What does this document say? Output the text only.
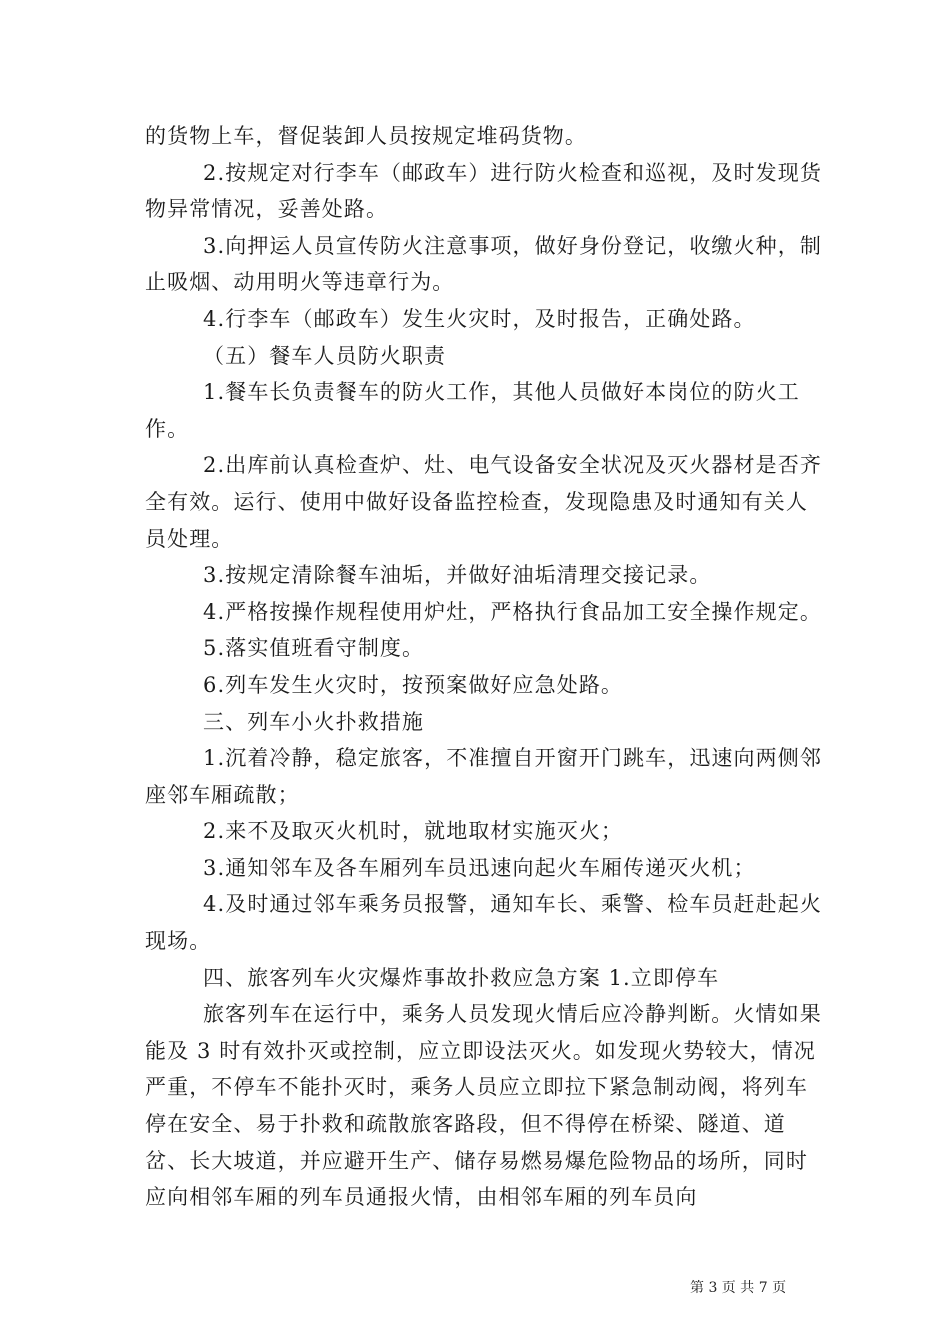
的货物上车，督促装卸人员按规定堆码货物。

2.按规定对行李车（邮政车）进行防火检查和巡视，及时发现货物异常情况，妥善处路。

3.向押运人员宣传防火注意事项，做好身份登记，收缴火种，制止吸烟、动用明火等违章行为。

4.行李车（邮政车）发生火灾时，及时报告，正确处路。

（五）餐车人员防火职责

1.餐车长负责餐车的防火工作，其他人员做好本岗位的防火工作。

2.出库前认真检查炉、灶、电气设备安全状况及灭火器材是否齐全有效。运行、使用中做好设备监控检查，发现隐患及时通知有关人员处理。

3.按规定清除餐车油垢，并做好油垢清理交接记录。

4.严格按操作规程使用炉灶，严格执行食品加工安全操作规定。

5.落实值班看守制度。

6.列车发生火灾时，按预案做好应急处路。

三、列车小火扑救措施

1.沉着冷静，稳定旅客，不准擅自开窗开门跳车，迅速向两侧邻座邻车厢疏散；

2.来不及取灭火机时，就地取材实施灭火；

3.通知邻车及各车厢列车员迅速向起火车厢传递灭火机；

4.及时通过邻车乘务员报警，通知车长、乘警、检车员赶赴起火现场。

四、旅客列车火灾爆炸事故扑救应急方案 1.立即停车

旅客列车在运行中，乘务人员发现火情后应冷静判断。火情如果能及 3 时有效扑灭或控制，应立即设法灭火。如发现火势较大，情况严重，不停车不能扑灭时，乘务人员应立即拉下紧急制动阀，将列车停在安全、易于扑救和疏散旅客路段，但不得停在桥梁、隧道、道岔、长大坡道，并应避开生产、储存易燃易爆危险物品的场所，同时应向相邻车厢的列车员通报火情，由相邻车厢的列车员向

第 3 页 共 7 页
